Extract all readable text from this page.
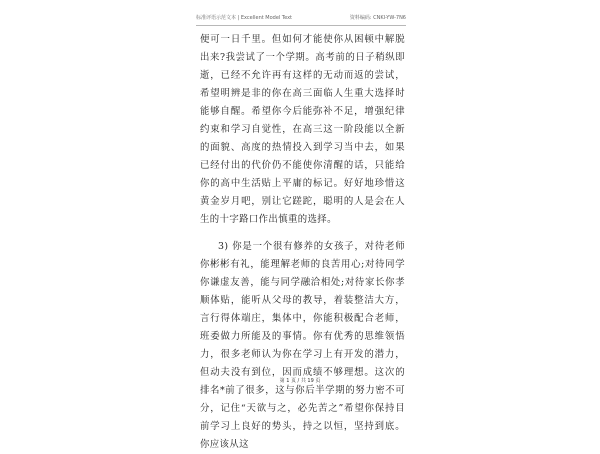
标准评语示范文本 | Excellent Model Text	资料编码: CNKI-YW-7N6

便可一日千里。但如何才能使你从困顿中解脱出来?我尝试了一个学期。高考前的日子稍纵即逝，已经不允许再有这样的无动而返的尝试，希望明辨是非的你在高三面临人生重大选择时能够自醒。希望你今后能弥补不足，增强纪律约束和学习自觉性，在高三这一阶段能以全新的面貌、高度的热情投入到学习当中去，如果已经付出的代价仍不能使你清醒的话，只能给你的高中生活贴上平庸的标记。好好地珍惜这黄金岁月吧，别让它蹉跎，聪明的人是会在人生的十字路口作出慎重的选择。

3) 你是一个很有修养的女孩子，对待老师你彬彬有礼，能理解老师的良苦用心;对待同学你谦虚友善，能与同学融洽相处;对待家长你孝顺体贴，能听从父母的教导，着装整洁大方，言行得体端庄，集体中，你能积极配合老师，班委做力所能及的事情。你有优秀的思维领悟力，很多老师认为你在学习上有开发的潜力，但动夫没有到位，因而成绩不够理想。这次的排名*前了很多，这与你后半学期的努力密不可分，记住“天欲与之，必先苦之”希望你保持目前学习上良好的势头，持之以恒，坚持到底。你应该从这

第 1 页 / 共 19 页
